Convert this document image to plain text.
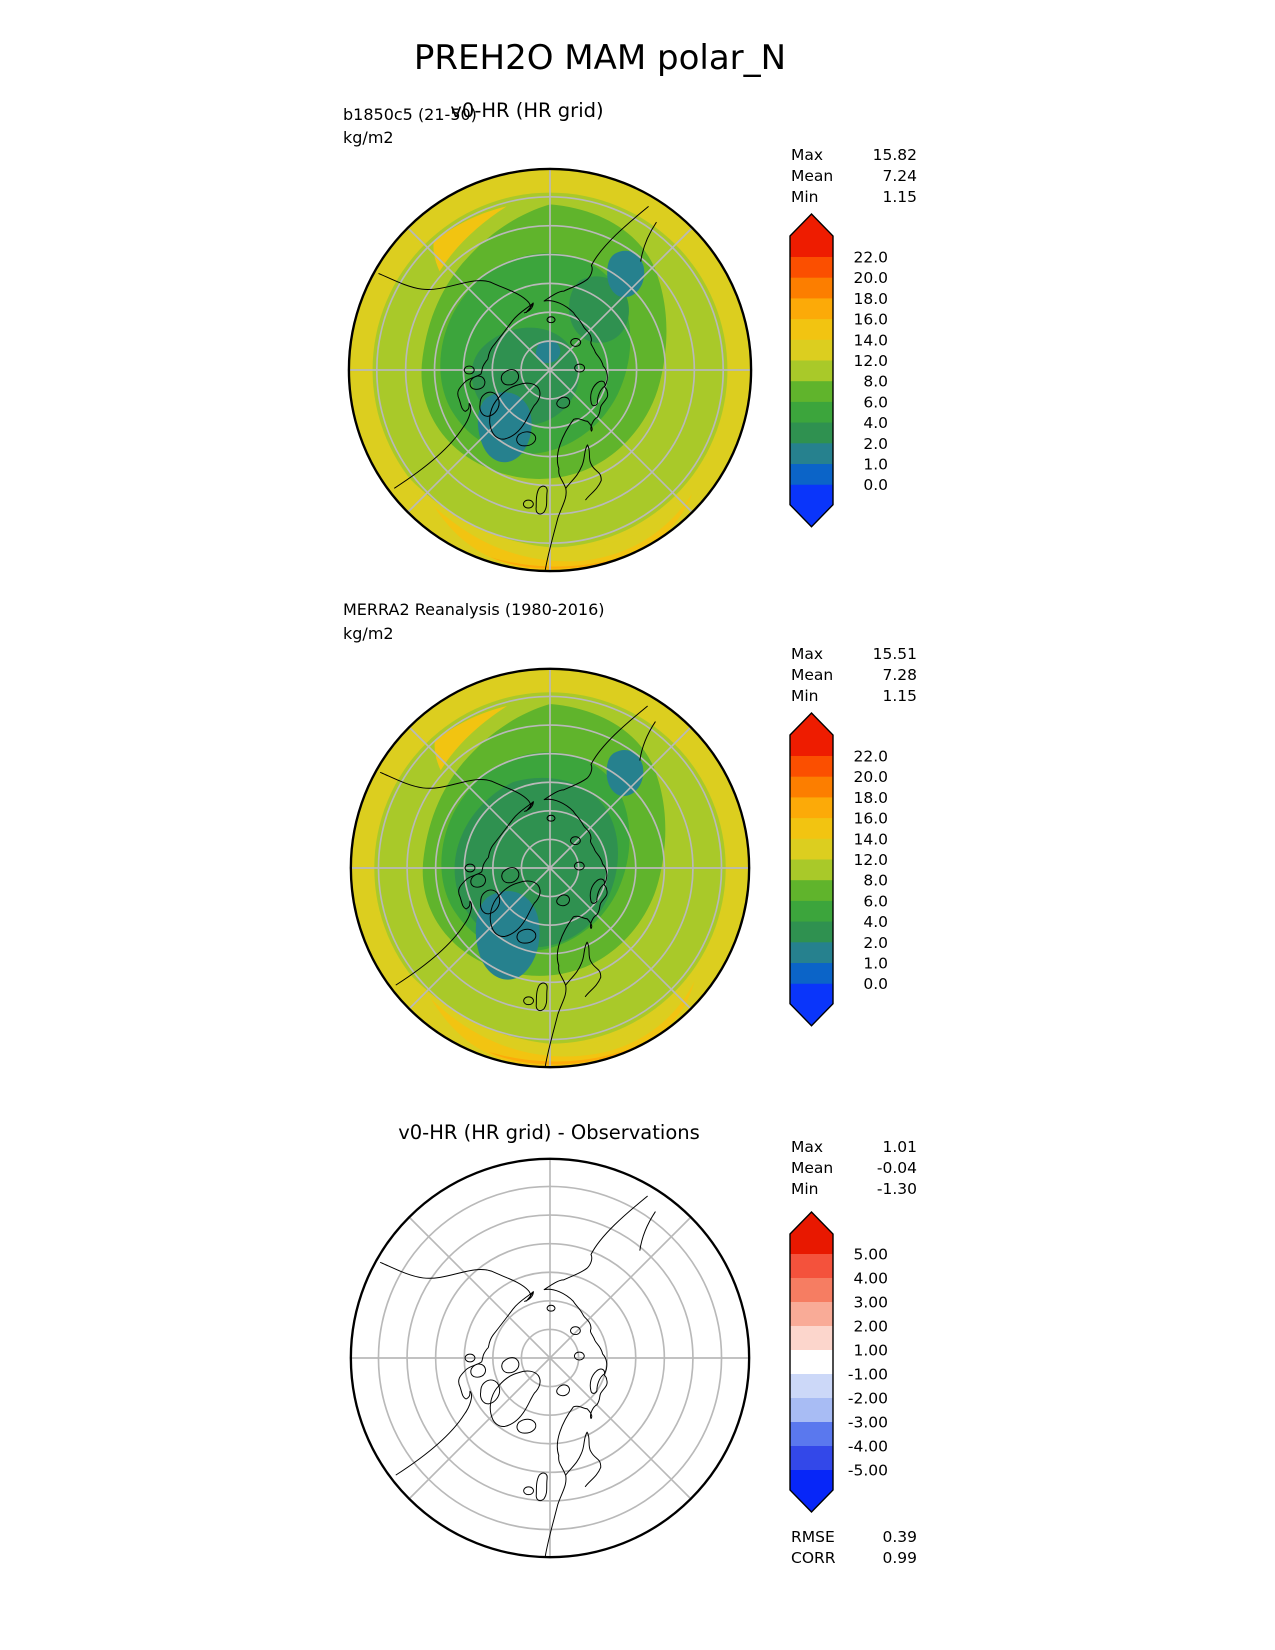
PREH2O MAM polar_N
v0-HR (HR grid)
b1850c5 (21-50)
kg/m2
Max	15.82
Mean	7.24
Min	1.15
22.0
20.0
18.0
16.0
14.0
12.0
8.0
6.0
4.0
2.0
1.0
0.0
MERRA2 Reanalysis (1980-2016)
kg/m2
Max	15.51
Mean	7.28
Min	1.15
22.0
20.0
18.0
16.0
14.0
12.0
8.0
6.0
4.0
2.0
1.0
0.0
v0-HR (HR grid) - Observations
Max	1.01
Mean	-0.04
Min	-1.30
5.00
4.00
3.00
2.00
1.00
-1.00
-2.00
-3.00
-4.00
-5.00
RMSE	0.39
CORR	0.99
